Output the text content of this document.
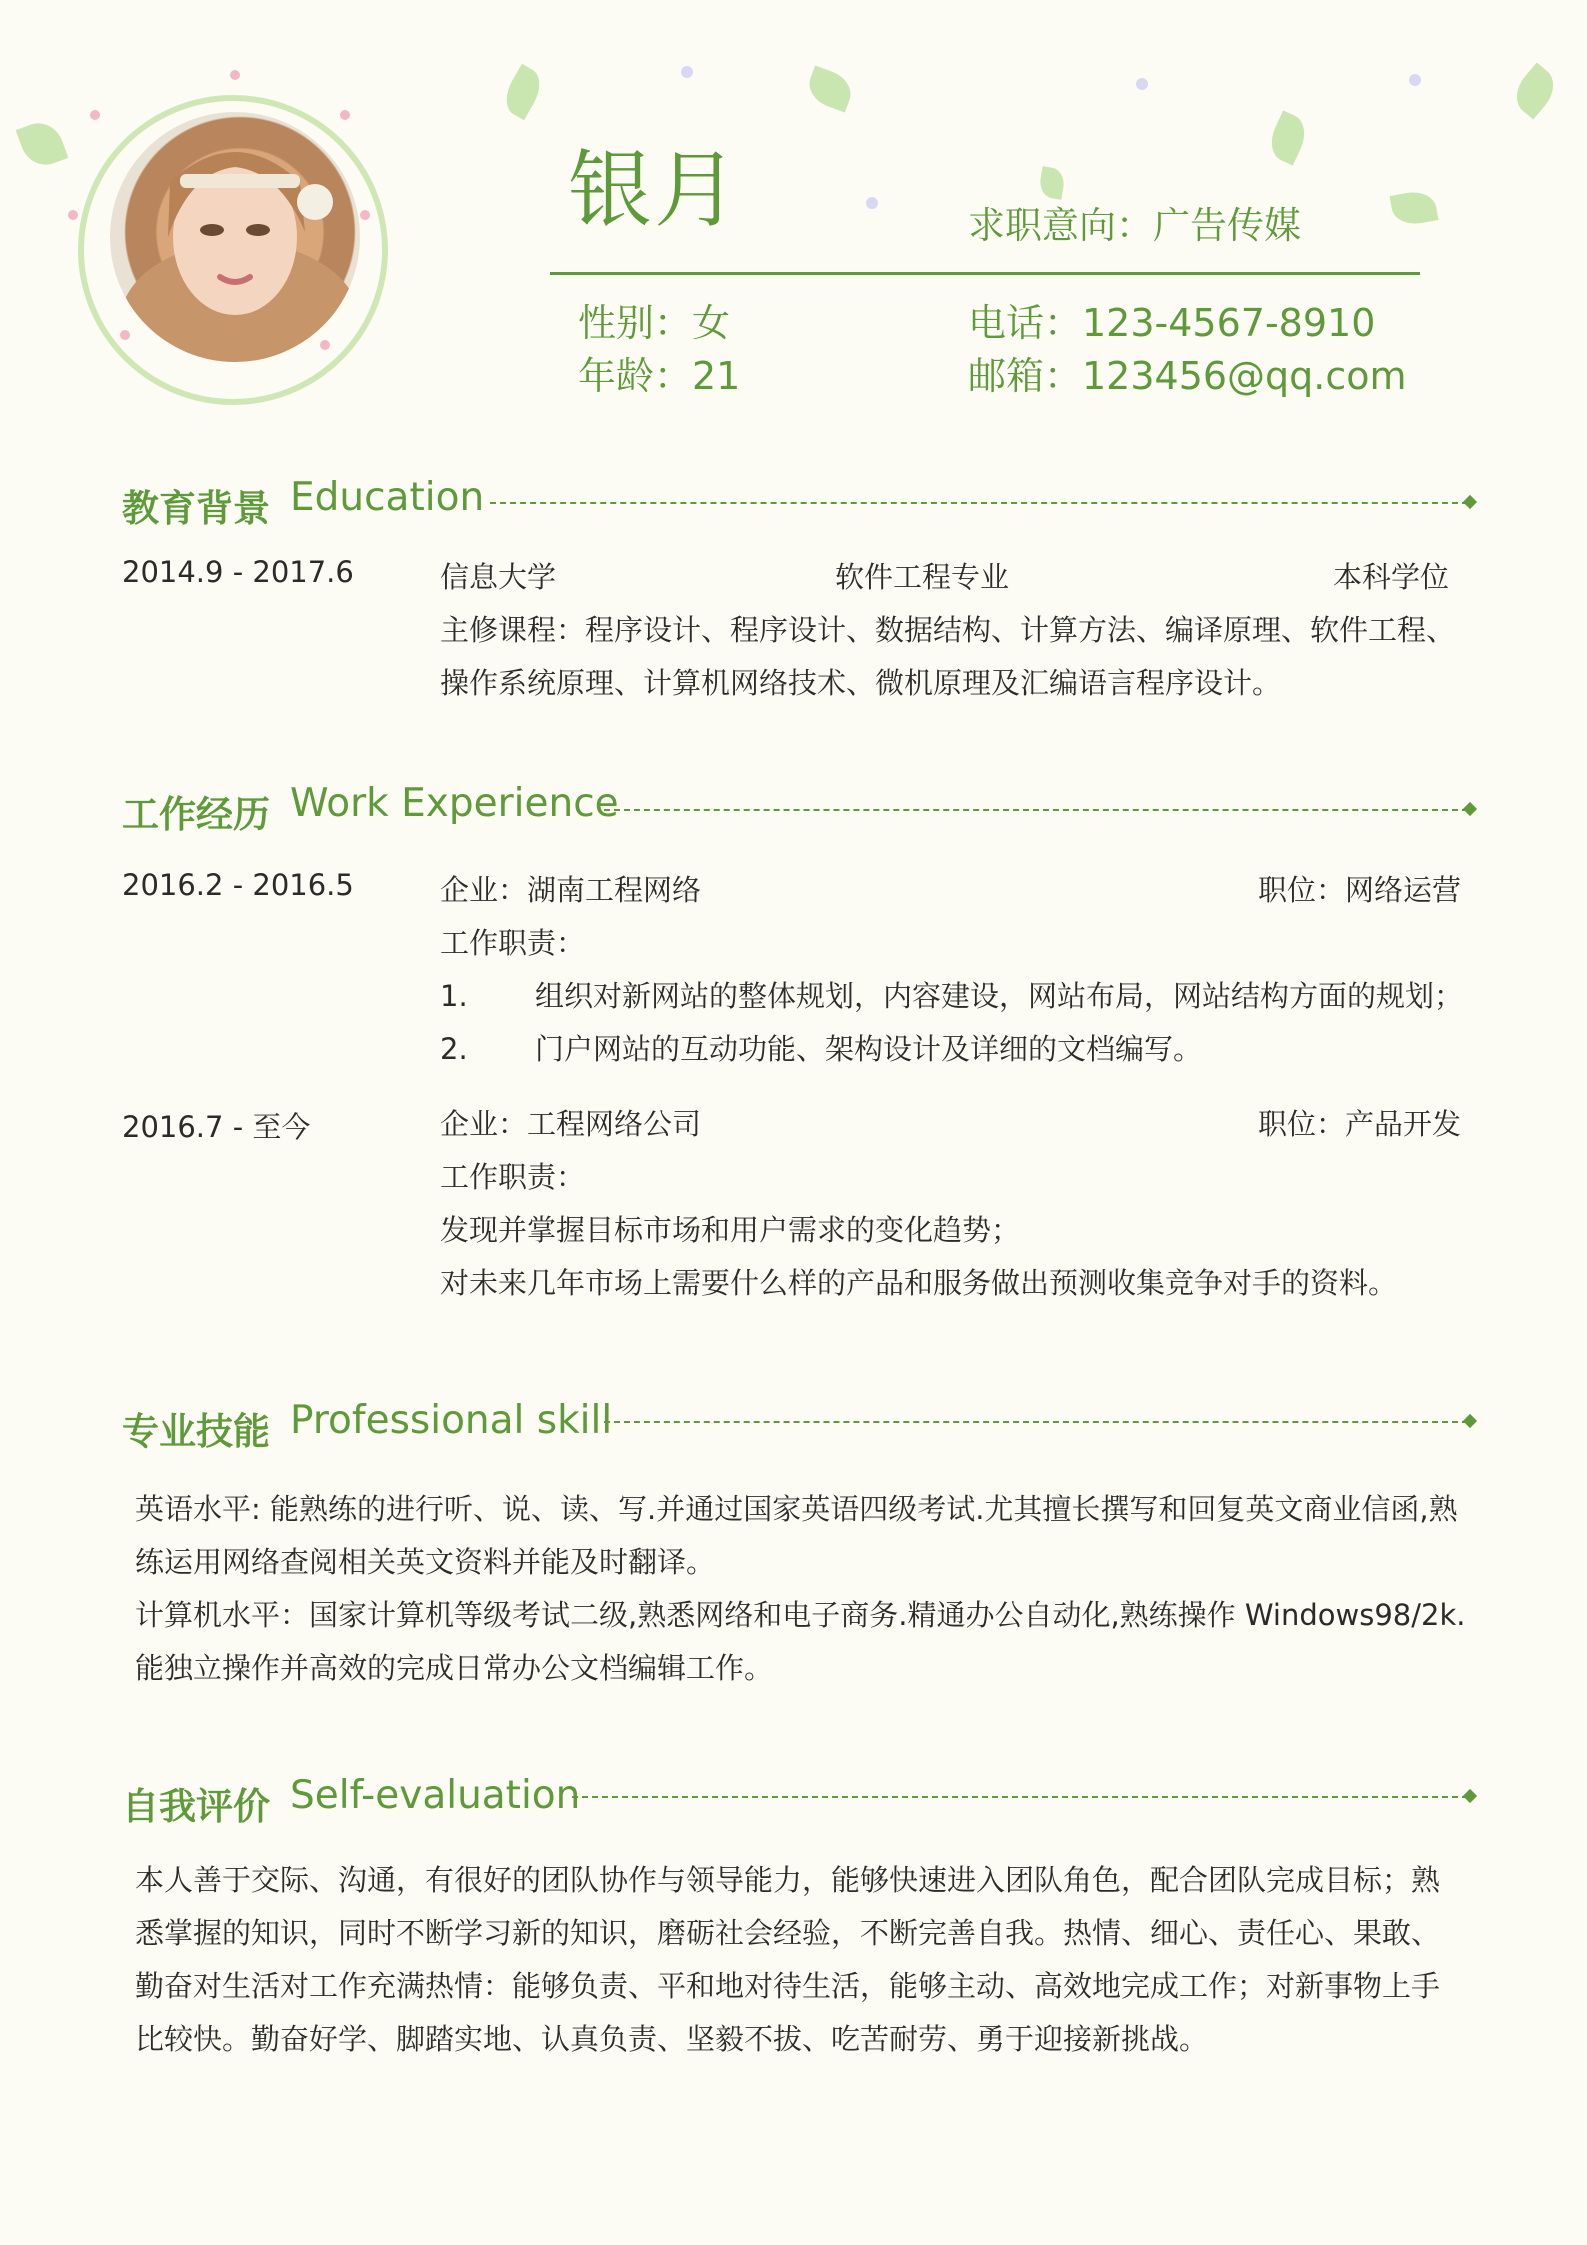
银月	求职意向：广告传媒
性别：女
年龄：21
电话：123-4567-8910
邮箱：123456@qq.com
教育背景 Education
2014.9 - 2017.6	信息大学	软件工程专业	本科学位
主修课程：程序设计、程序设计、数据结构、计算方法、编译原理、软件工程、
操作系统原理、计算机网络技术、微机原理及汇编语言程序设计。
工作经历 Work Experience
2016.2 - 2016.5	企业：湖南工程网络	职位：网络运营
工作职责：
1. 组织对新网站的整体规划，内容建设，网站布局，网站结构方面的规划；
2. 门户网站的互动功能、架构设计及详细的文档编写。
2016.7 - 至今	企业：工程网络公司	职位：产品开发
工作职责：
发现并掌握目标市场和用户需求的变化趋势；
对未来几年市场上需要什么样的产品和服务做出预测收集竞争对手的资料。
专业技能 Professional skill
英语水平: 能熟练的进行听、说、读、写.并通过国家英语四级考试.尤其擅长撰写和回复英文商业信函,熟
练运用网络查阅相关英文资料并能及时翻译。
计算机水平：国家计算机等级考试二级,熟悉网络和电子商务.精通办公自动化,熟练操作 Windows98/2k.
能独立操作并高效的完成日常办公文档编辑工作。
自我评价 Self-evaluation
本人善于交际、沟通，有很好的团队协作与领导能力，能够快速进入团队角色，配合团队完成目标；熟
悉掌握的知识，同时不断学习新的知识，磨砺社会经验，不断完善自我。热情、细心、责任心、果敢、
勤奋对生活对工作充满热情：能够负责、平和地对待生活，能够主动、高效地完成工作；对新事物上手
比较快。勤奋好学、脚踏实地、认真负责、坚毅不拔、吃苦耐劳、勇于迎接新挑战。
